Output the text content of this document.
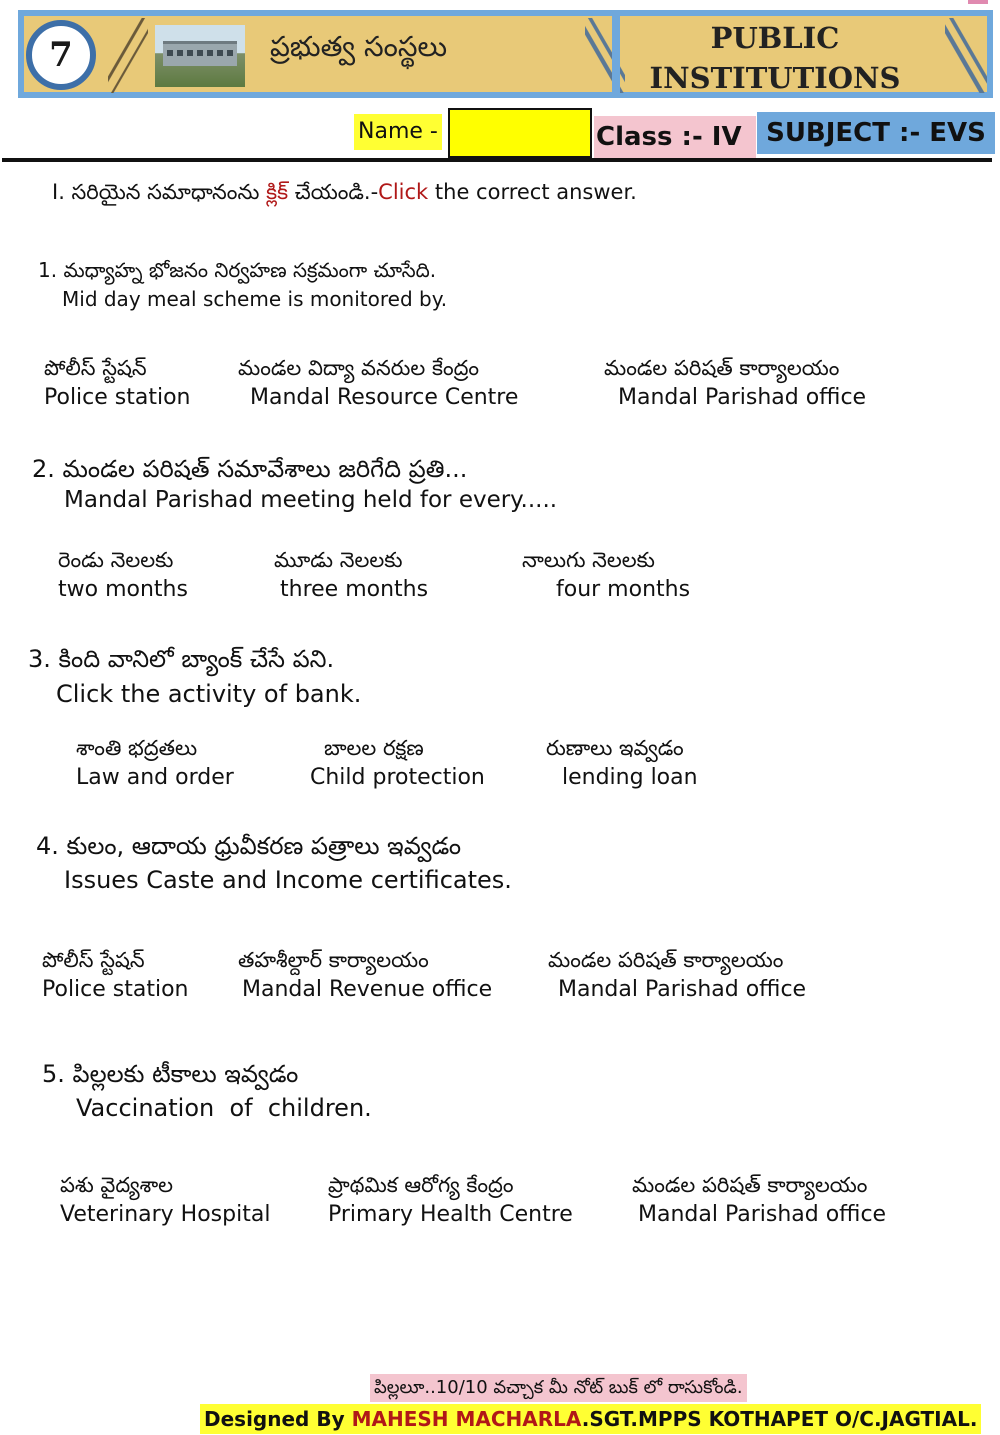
7	ప్రభుత్వ సంస్థలు	PUBLIC
INSTITUTIONS
Name -	Class :- IV SUBJECT :- EVS
I. సరియైన సమాధానంను క్లిక్ చేయండి.-Click the correct answer.
1. మధ్యాహ్న భోజనం నిర్వహణ సక్రమంగా చూసేది.
Mid day meal scheme is monitored by.
పోలీస్ స్టేషన్
Police station
మండల విద్యా వనరుల కేంద్రం
Mandal Resource Centre
మండల పరిషత్ కార్యాలయం
Mandal Parishad office
2. మండల పరిషత్ సమావేశాలు జరిగేది ప్రతి...
Mandal Parishad meeting held for every.....
రెండు నెలలకు
two months
మూడు నెలలకు
three months
నాలుగు నెలలకు
four months
3. కింది వానిలో బ్యాంక్ చేసే పని.
Click the activity of bank.
శాంతి భద్రతలు
Law and order
బాలల రక్షణ
Child protection
రుణాలు ఇవ్వడం
lending loan
4. కులం, ఆదాయ ధ్రువీకరణ పత్రాలు ఇవ్వడం
Issues Caste and Income certificates.
పోలీస్ స్టేషన్
Police station
తహశీల్దార్ కార్యాలయం
Mandal Revenue office
మండల పరిషత్ కార్యాలయం
Mandal Parishad office
5. పిల్లలకు టీకాలు ఇవ్వడం
Vaccination  of  children.
పశు వైద్యశాల
Veterinary Hospital
ప్రాథమిక ఆరోగ్య కేంద్రం
Primary Health Centre
మండల పరిషత్ కార్యాలయం
Mandal Parishad office
పిల్లలూ..10/10 వచ్చాక మీ నోట్ బుక్ లో రాసుకోండి.
Designed By MAHESH MACHARLA.SGT.MPPS KOTHAPET O/C.JAGTIAL.
